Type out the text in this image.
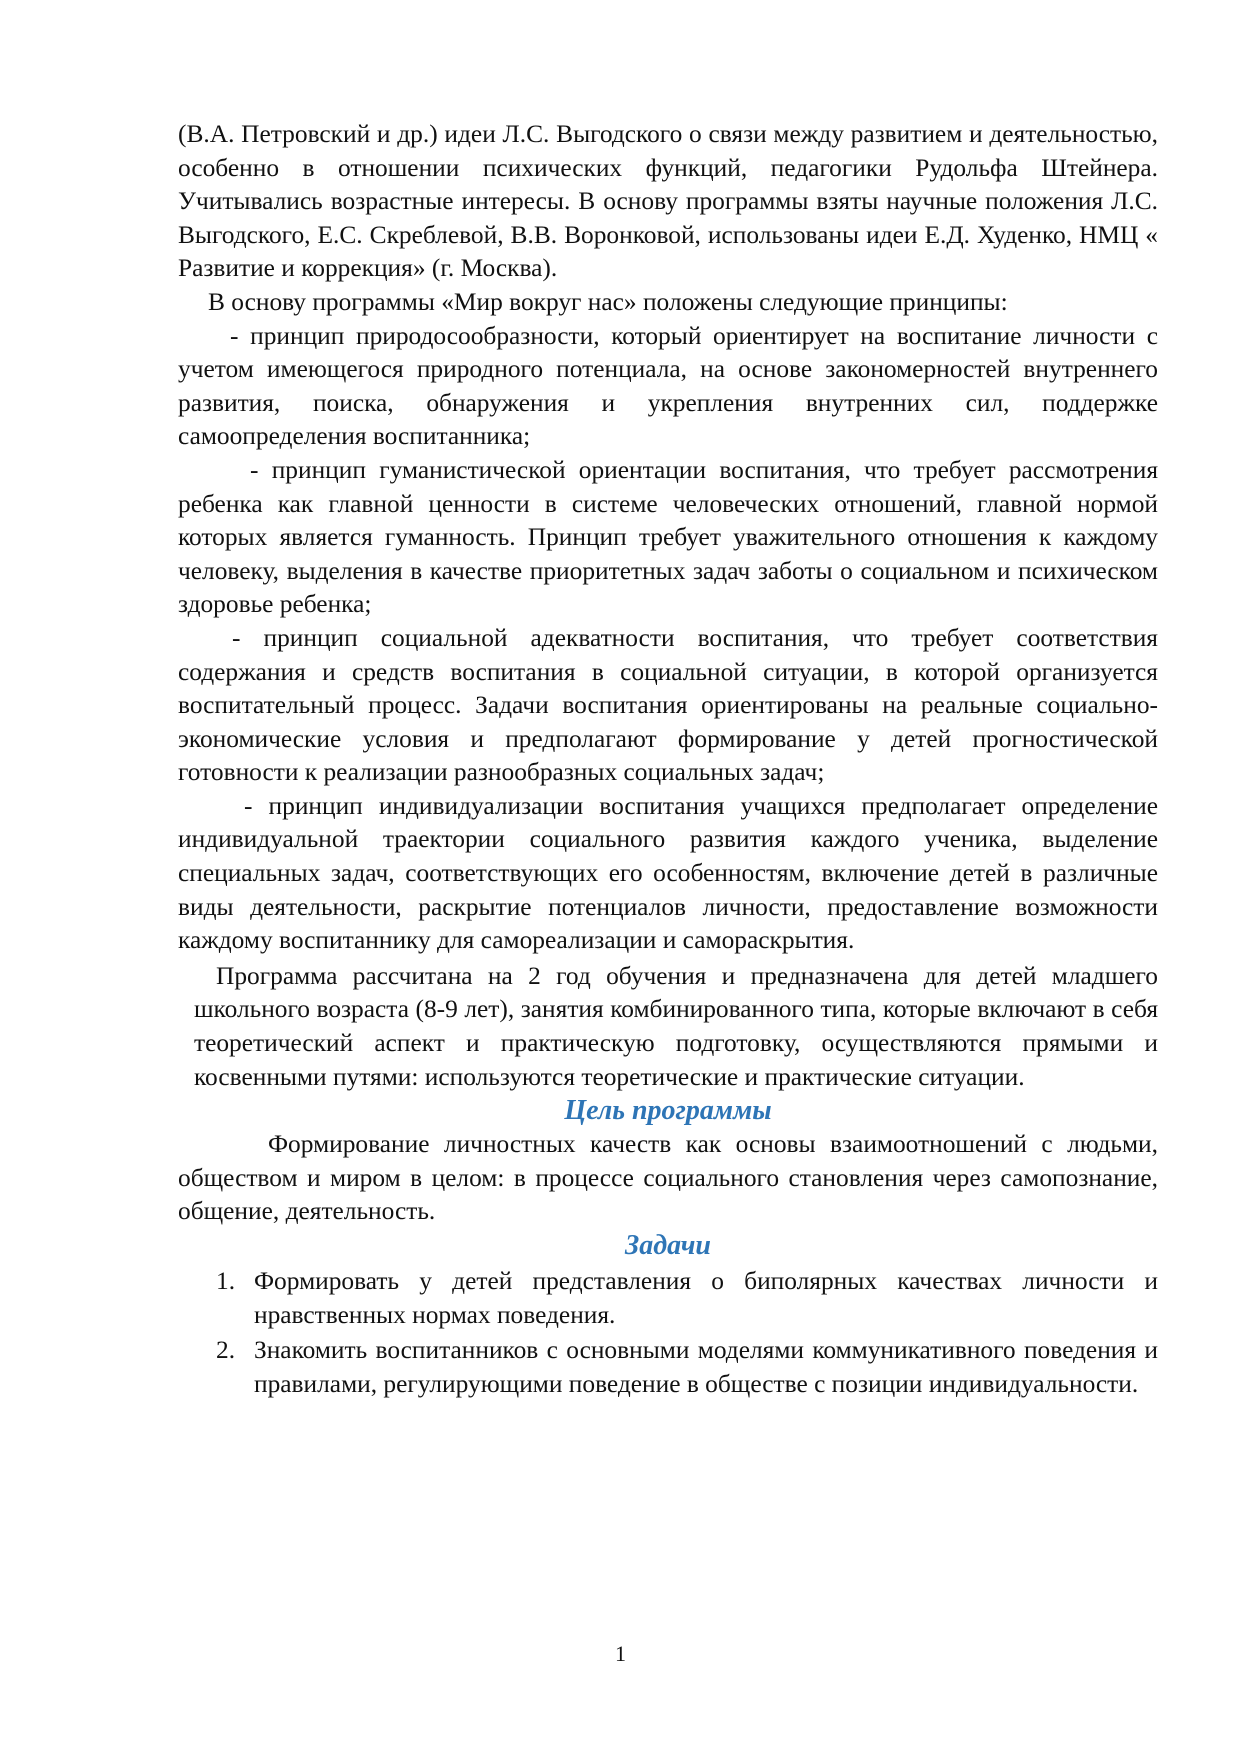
(В.А. Петровский и др.) идеи Л.С. Выгодского о связи между развитием и деятельностью, особенно в отношении психических функций, педагогики Рудольфа Штейнера. Учитывались возрастные интересы. В основу программы взяты научные положения Л.С. Выгодского, Е.С. Скреблевой, В.В. Воронковой, использованы идеи Е.Д. Худенко, НМЦ « Развитие и коррекция» (г. Москва).

В основу программы «Мир вокруг нас» положены следующие принципы:

- принцип природосообразности, который ориентирует на воспитание личности с учетом имеющегося природного потенциала, на основе закономерностей внутреннего развития, поиска, обнаружения и укрепления внутренних сил, поддержке самоопределения воспитанника;

- принцип гуманистической ориентации воспитания, что требует рассмотрения ребенка как главной ценности в системе человеческих отношений, главной нормой которых является гуманность. Принцип требует уважительного отношения к каждому человеку, выделения в качестве приоритетных задач заботы о социальном и психическом здоровье ребенка;

- принцип социальной адекватности воспитания, что требует соответствия содержания и средств воспитания в социальной ситуации, в которой организуется воспитательный процесс. Задачи воспитания ориентированы на реальные социально-экономические условия и предполагают формирование у детей прогностической готовности к реализации разнообразных социальных задач;

- принцип индивидуализации воспитания учащихся предполагает определение индивидуальной траектории социального развития каждого ученика, выделение специальных задач, соответствующих его особенностям, включение детей в различные виды деятельности, раскрытие потенциалов личности, предоставление возможности каждому воспитаннику для самореализации и самораскрытия.

Программа рассчитана на 2 год обучения и предназначена для детей младшего школьного возраста (8-9 лет), занятия комбинированного типа, которые включают в себя теоретический аспект и практическую подготовку, осуществляются прямыми и косвенными путями: используются теоретические и практические ситуации.

Цель программы

Формирование личностных качеств как основы взаимоотношений с людьми, обществом и миром в целом: в процессе социального становления через самопознание, общение, деятельность.

Задачи
1. Формировать у детей представления о биполярных качествах личности и нравственных нормах поведения.
2. Знакомить воспитанников с основными моделями коммуникативного поведения и правилами, регулирующими поведение в обществе с позиции индивидуальности.
1
